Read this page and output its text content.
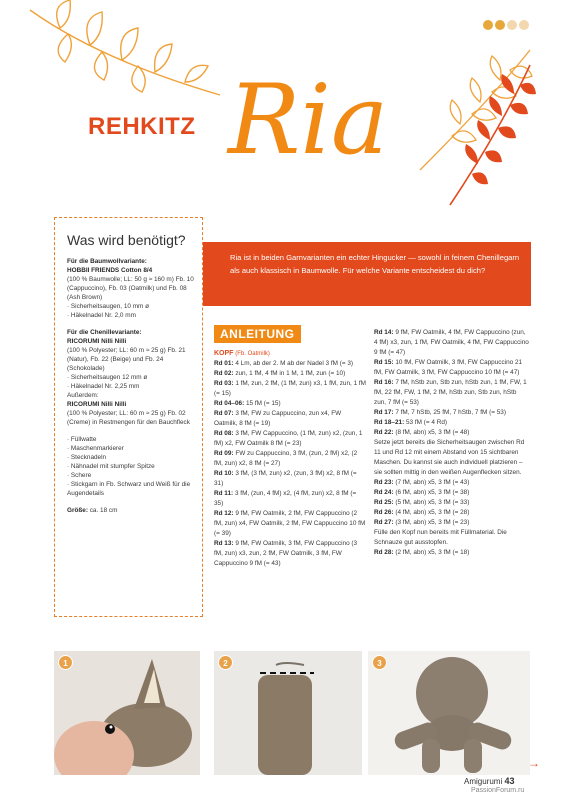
REHKITZ Ria
Was wird benötigt?
Für die Baumwollvariante:
HOBBII FRIENDS Cotton 8/4
(100 % Baumwolle; LL: 50 g ≈ 160 m) Fb. 10 (Cappuccino), Fb. 03 (Oatmilk) und Fb. 08 (Ash Brown)
· Sicherheitsaugen, 10 mm ø
· Häkelnadel Nr. 2,0 mm
Für die Chenillevariante:
RICORUMI Nilli Nilli
(100 % Polyester; LL: 60 m ≈ 25 g) Fb. 21 (Natur), Fb. 22 (Beige) und Fb. 24 (Schokolade)
· Sicherheitsaugen 12 mm ø
· Häkelnadel Nr. 2,25 mm
Außerdem:
RICORUMI Nilli Nilli
(100 % Polyester; LL: 60 m ≈ 25 g) Fb. 02 (Creme) in Restmengen für den Bauchfleck
· Füllwatte
· Maschenmarkierer
· Stecknadeln
· Nähnadel mit stumpfer Spitze
· Schere
· Stickgarn in Fb. Schwarz und Weiß für die Augendetails
Größe: ca. 18 cm
Ria ist in beiden Garnvarianten ein echter Hingucker — sowohl in feinem Chenillegarn als auch klassisch in Baumwolle. Für welche Variante entscheidest du dich?
ANLEITUNG
KOPF (Fb. Oatmilk)
Rd 01: 4 Lm, ab der 2. M ab der Nadel 3 fM (= 3)
Rd 02: zun, 1 fM, 4 fM in 1 M, 1 fM, zun (= 10)
Rd 03: 1 fM, zun, 2 fM, (1 fM, zun) x3, 1 fM, zun, 1 fM (= 15)
Rd 04–06: 15 fM (= 15)
Rd 07: 3 fM, FW zu Cappuccino, zun x4, FW Oatmilk, 8 fM (= 19)
Rd 08: 3 fM, FW Cappuccino, (1 fM, zun) x2, (zun, 1 fM) x2, FW Oatmilk 8 fM (= 23)
Rd 09: FW zu Cappuccino, 3 fM, (zun, 2 fM) x2, (2 fM, zun) x2, 8 fM (= 27)
Rd 10: 3 fM, (3 fM, zun) x2, (zun, 3 fM) x2, 8 fM (= 31)
Rd 11: 3 fM, (zun, 4 fM) x2, (4 fM, zun) x2, 8 fM (= 35)
Rd 12: 9 fM, FW Oatmilk, 2 fM, FW Cappuccino (2 fM, zun) x4, FW Oatmilk, 2 fM, FW Cappuccino 10 fM (= 39)
Rd 13: 9 fM, FW Oatmilk, 3 fM, FW Cappuccino (3 fM, zun) x3, zun, 2 fM, FW Oatmilk, 3 fM, FW Cappuccino 9 fM (= 43)
Rd 14: 9 fM, FW Oatmilk, 4 fM, FW Cappuccino (zun, 4 fM) x3, zun, 1 fM, FW Oatmilk, 4 fM, FW Cappuccino 9 fM (= 47)
Rd 15: 10 fM, FW Oatmilk, 3 fM, FW Cappuccino 21 fM, FW Oatmilk, 3 fM, FW Cappuccino 10 fM (= 47)
Rd 16: 7 fM, hStb zun, Stb zun, hStb zun, 1 fM, FW, 1 fM, 22 fM, FW, 1 fM, 2 fM, hStb zun, Stb zun, hStb zun, 7 fM (= 53)
Rd 17: 7 fM, 7 hStb, 25 fM, 7 hStb, 7 fM (= 53)
Rd 18–21: 53 fM (= 4 Rd)
Rd 22: (8 fM, abn) x5, 3 fM (= 48)
Setze jetzt bereits die Sicherheitsaugen zwischen Rd 11 und Rd 12 mit einem Abstand von 15 sichtbaren Maschen. Du kannst sie auch individuell platzieren – sie sollten mittig in den weißen Augenflecken sitzen.
Rd 23: (7 fM, abn) x5, 3 fM (= 43)
Rd 24: (6 fM, abn) x5, 3 fM (= 38)
Rd 25: (5 fM, abn) x5, 3 fM (= 33)
Rd 26: (4 fM, abn) x5, 3 fM (= 28)
Rd 27: (3 fM, abn) x5, 3 fM (= 23)
Fülle den Kopf nun bereits mit Füllmaterial. Die Schnauze gut ausstopfen.
Rd 28: (2 fM, abn) x5, 3 fM (= 18)
1	2	3
→
Amigurumi 43
PassionForum.ru
